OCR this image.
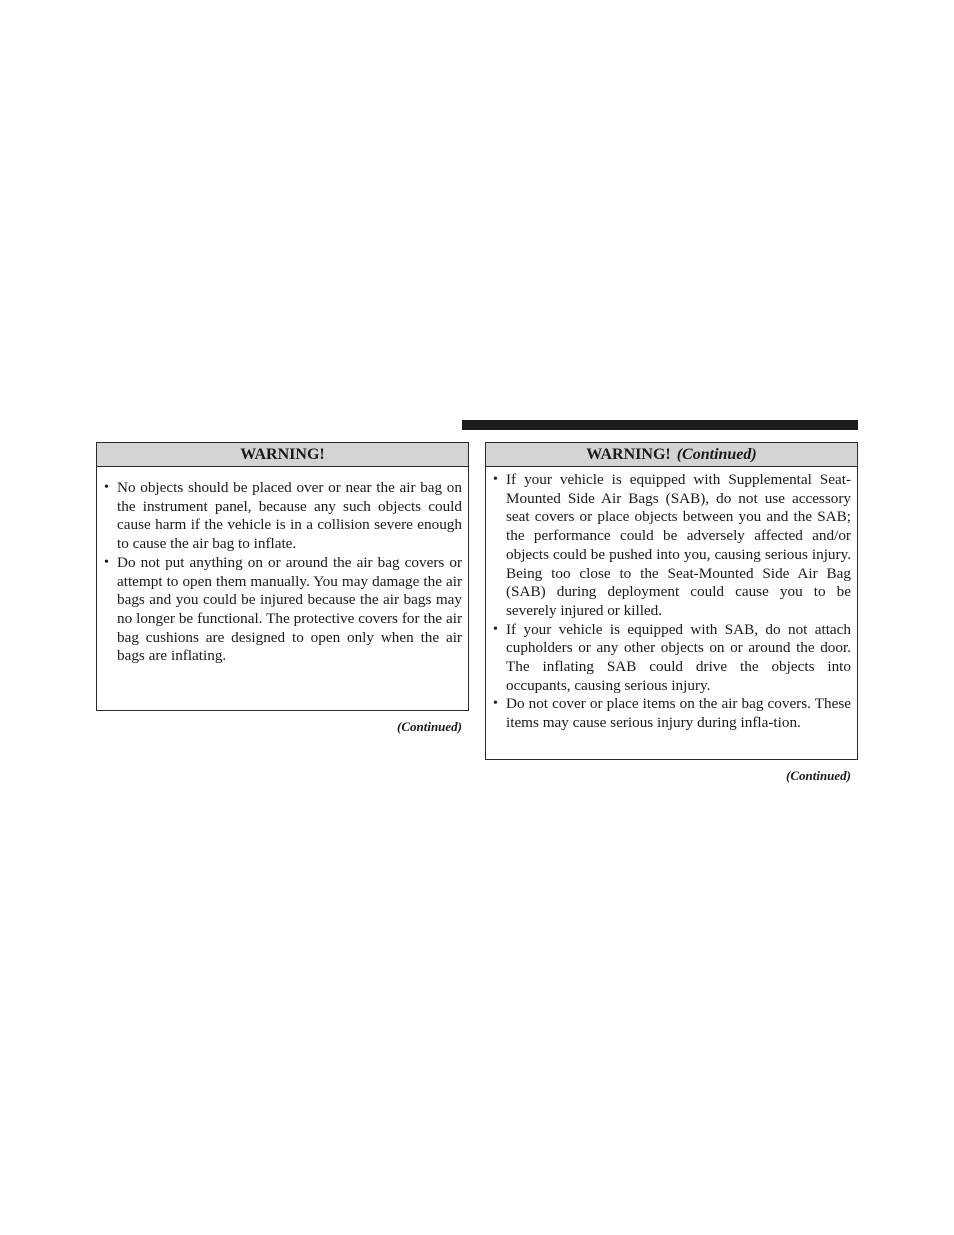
WARNING!
• No objects should be placed over or near the air bag on the instrument panel, because any such objects could cause harm if the vehicle is in a collision severe enough to cause the air bag to inflate.
• Do not put anything on or around the air bag covers or attempt to open them manually. You may damage the air bags and you could be injured because the air bags may no longer be functional. The protective covers for the air bag cushions are designed to open only when the air bags are inflating.
(Continued)
WARNING! (Continued)
• If your vehicle is equipped with Supplemental Seat-Mounted Side Air Bags (SAB), do not use accessory seat covers or place objects between you and the SAB; the performance could be adversely affected and/or objects could be pushed into you, causing serious injury. Being too close to the Seat-Mounted Side Air Bag (SAB) during deployment could cause you to be severely injured or killed.
• If your vehicle is equipped with SAB, do not attach cupholders or any other objects on or around the door. The inflating SAB could drive the objects into occupants, causing serious injury.
• Do not cover or place items on the air bag covers. These items may cause serious injury during infla-tion.
(Continued)
